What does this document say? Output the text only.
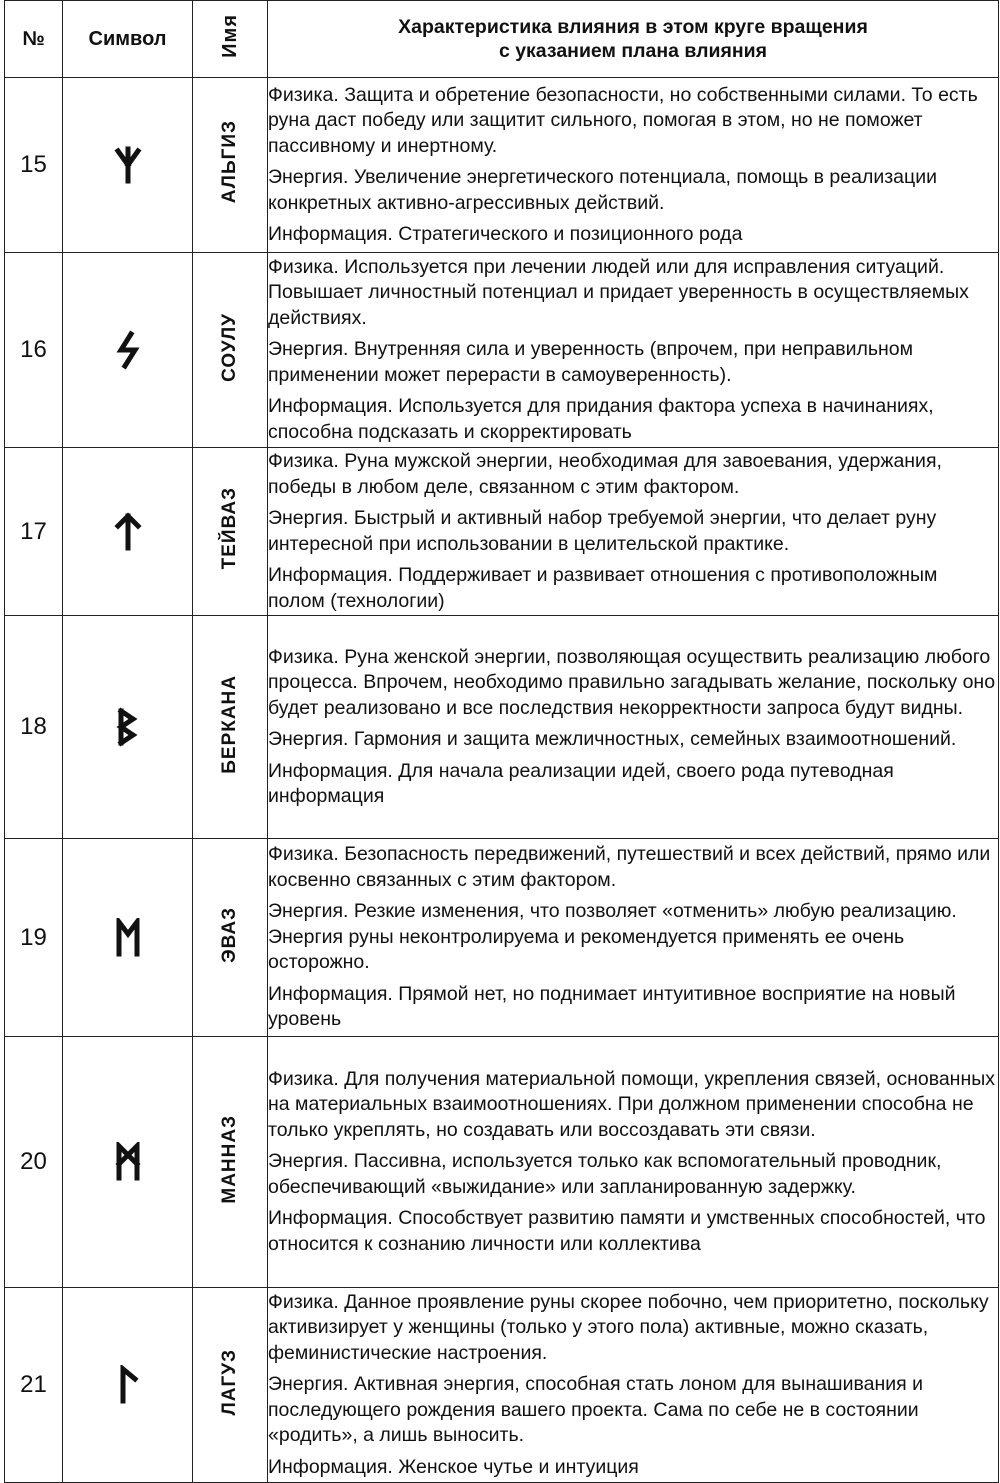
№	Символ	Имя	Характеристика влияния в этом круге вращения
с указанием плана влияния

15		АЛЬГИЗ	Физика. Защита и обретение безопасности, но собственными силами. То есть руна даст победу или защитит сильного, помогая в этом, но не поможет пассивному и инертному.

Энергия. Увеличение энергетического потенциала, помощь в реализации конкретных активно-агрессивных действий.

Информация. Стратегического и позиционного рода

16		СОУЛУ	Физика. Используется при лечении людей или для исправления ситуаций. Повышает личностный потенциал и придает уверенность в осуществляемых действиях.

Энергия. Внутренняя сила и уверенность (впрочем, при неправильном применении может перерасти в самоуверенность).

Информация. Используется для придания фактора успеха в начинаниях, способна подсказать и скорректировать

17		ТЕЙВАЗ	Физика. Руна мужской энергии, необходимая для завоевания, удержания, победы в любом деле, связанном с этим фактором.

Энергия. Быстрый и активный набор требуемой энергии, что делает руну интересной при использовании в целительской практике.

Информация. Поддерживает и развивает отношения с противоположным полом (технологии)

18		БЕРКАНА	Физика. Руна женской энергии, позволяющая осуществить реализацию любого процесса. Впрочем, необходимо правильно загадывать желание, поскольку оно будет реализовано и все последствия некорректности запроса будут видны.

Энергия. Гармония и защита межличностных, семейных взаимоотношений.

Информация. Для начала реализации идей, своего рода путеводная информация

19		ЭВАЗ	Физика. Безопасность передвижений, путешествий и всех действий, прямо или косвенно связанных с этим фактором.

Энергия. Резкие изменения, что позволяет «отменить» любую реализацию. Энергия руны неконтролируема и рекомендуется применять ее очень осторожно.

Информация. Прямой нет, но поднимает интуитивное восприятие на новый уровень

20		МАННАЗ	Физика. Для получения материальной помощи, укрепления связей, основанных на материальных взаимоотношениях. При должном применении способна не только укреплять, но создавать или воссоздавать эти связи.

Энергия. Пассивна, используется только как вспомогательный проводник, обеспечивающий «выжидание» или запланированную задержку.

Информация. Способствует развитию памяти и умственных способностей, что относится к сознанию личности или коллектива

21		ЛАГУЗ	Физика. Данное проявление руны скорее побочно, чем приоритетно, поскольку активизирует у женщины (только у этого пола) активные, можно сказать, феминистические настроения.

Энергия. Активная энергия, способная стать лоном для вынашивания и последующего рождения вашего проекта. Сама по себе не в состоянии «родить», а лишь выносить.

Информация. Женское чутье и интуиция
